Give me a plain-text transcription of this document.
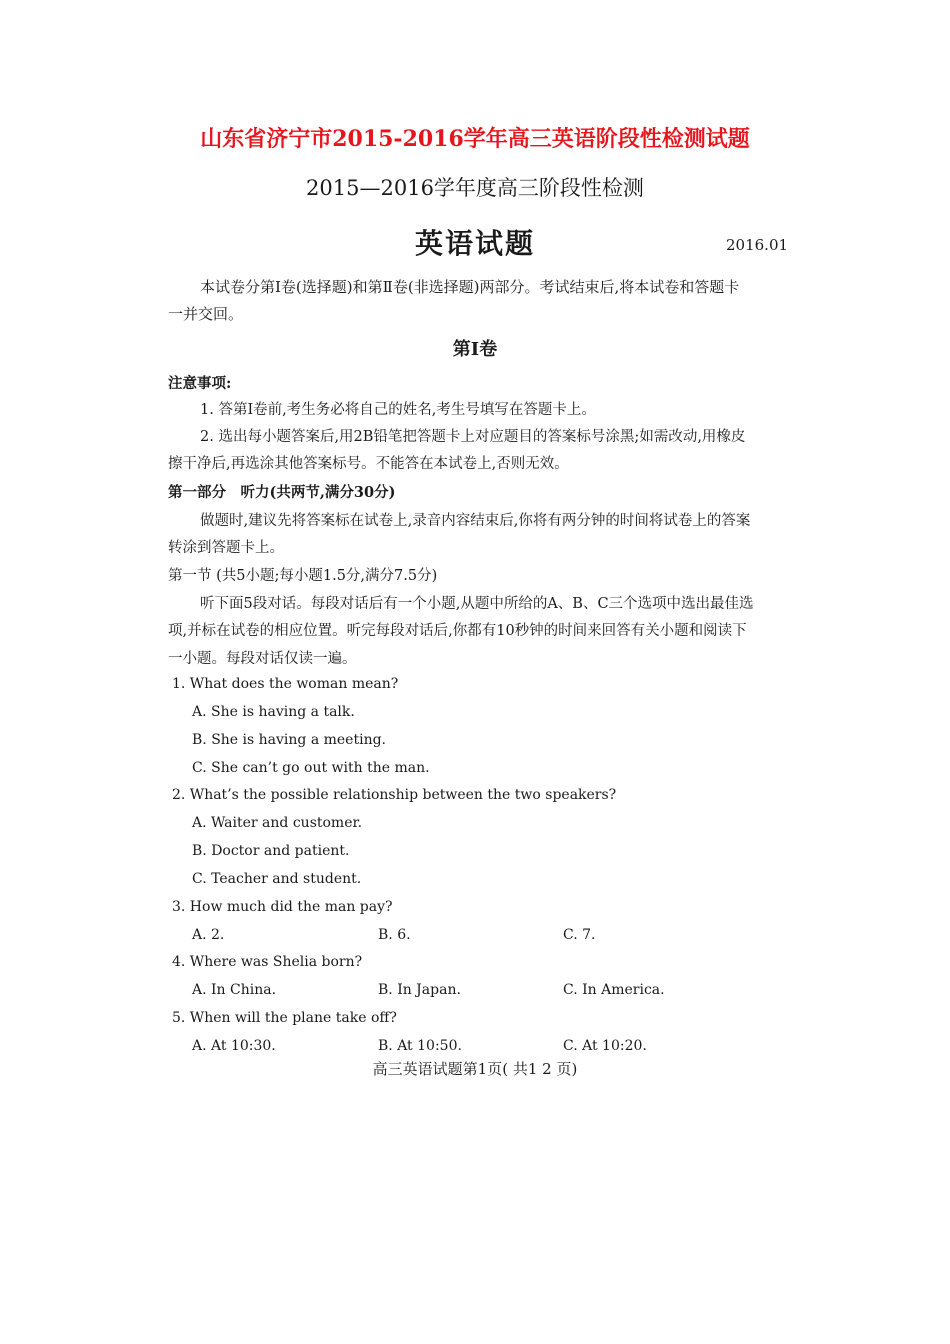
山东省济宁市2015-2016学年高三英语阶段性检测试题
2015—2016学年度高三阶段性检测
英语试题	2016.01
本试卷分第Ⅰ卷(选择题)和第Ⅱ卷(非选择题)两部分。考试结束后,将本试卷和答题卡
一并交回。
第Ⅰ卷
注意事项:
1. 答第Ⅰ卷前,考生务必将自己的姓名,考生号填写在答题卡上。
2. 选出每小题答案后,用2B铅笔把答题卡上对应题目的答案标号涂黑;如需改动,用橡皮
擦干净后,再选涂其他答案标号。不能答在本试卷上,否则无效。
第一部分　听力(共两节,满分30分)
做题时,建议先将答案标在试卷上,录音内容结束后,你将有两分钟的时间将试卷上的答案
转涂到答题卡上。
第一节 (共5小题;每小题1.5分,满分7.5分)
听下面5段对话。每段对话后有一个小题,从题中所给的A、B、C三个选项中选出最佳选
项,并标在试卷的相应位置。听完每段对话后,你都有10秒钟的时间来回答有关小题和阅读下
一小题。每段对话仅读一遍。
1. What does the woman mean?
A. She is having a talk.
B. She is having a meeting.
C. She can’t go out with the man.
2. What’s the possible relationship between the two speakers?
A. Waiter and customer.
B. Doctor and patient.
C. Teacher and student.
3. How much did the man pay?
A. 2.	B. 6.	C. 7.
4. Where was Shelia born?
A. In China.	B. In Japan.	C. In America.
5. When will the plane take off?
A. At 10:30.	B. At 10:50.	C. At 10:20.
高三英语试题第1页( 共1 2 页)
